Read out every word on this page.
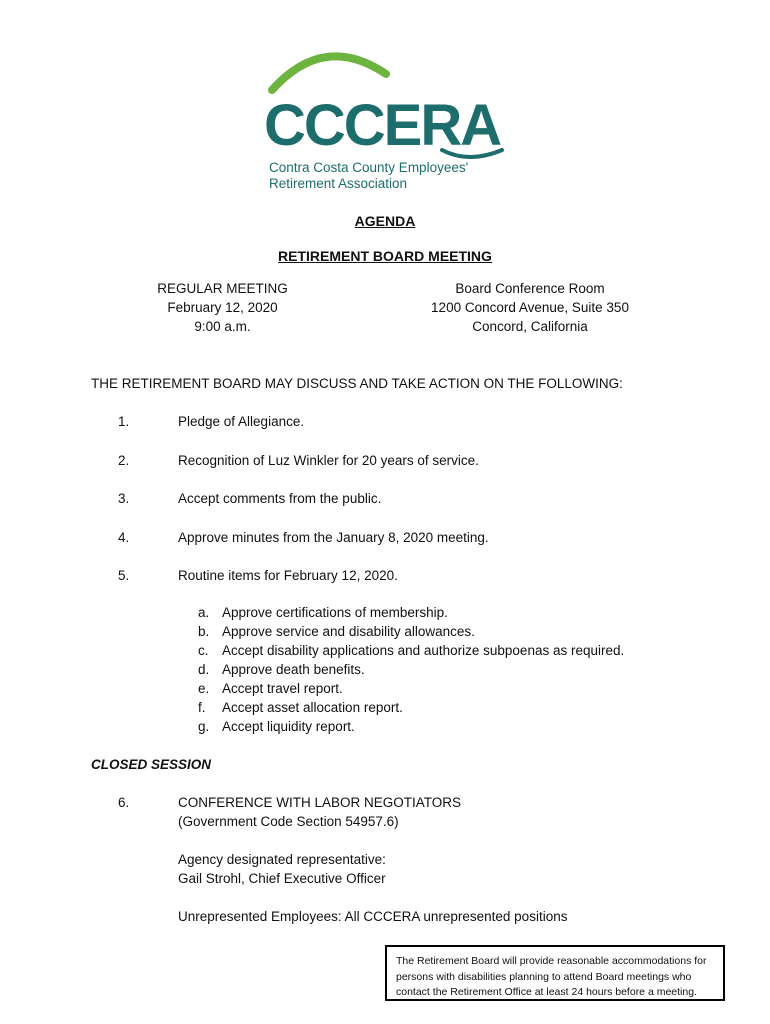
CCCERA
Contra Costa County Employees'
Retirement Association
AGENDA
RETIREMENT BOARD MEETING
REGULAR MEETING
February 12, 2020
9:00 a.m.
Board Conference Room
1200 Concord Avenue, Suite 350
Concord, California
THE RETIREMENT BOARD MAY DISCUSS AND TAKE ACTION ON THE FOLLOWING:
1.	Pledge of Allegiance.
2.	Recognition of Luz Winkler for 20 years of service.
3.	Accept comments from the public.
4.	Approve minutes from the January 8, 2020 meeting.
5.	Routine items for February 12, 2020.
a. Approve certifications of membership.
b. Approve service and disability allowances.
c. Accept disability applications and authorize subpoenas as required.
d. Approve death benefits.
e. Accept travel report.
f. Accept asset allocation report.
g. Accept liquidity report.
CLOSED SESSION
6.	CONFERENCE WITH LABOR NEGOTIATORS
(Government Code Section 54957.6)
Agency designated representative:
Gail Strohl, Chief Executive Officer
Unrepresented Employees: All CCCERA unrepresented positions
The Retirement Board will provide reasonable accommodations for persons with disabilities planning to attend Board meetings who contact the Retirement Office at least 24 hours before a meeting.
